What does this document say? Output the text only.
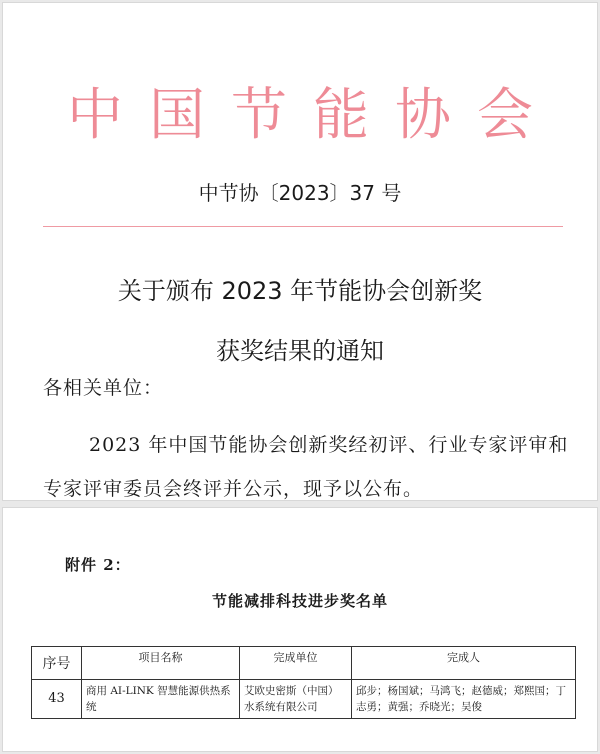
中国节能协会
中节协〔2023〕37 号
关于颁布 2023 年节能协会创新奖
获奖结果的通知
各相关单位：
2023 年中国节能协会创新奖经初评、行业专家评审和专家评审委员会终评并公示，现予以公布。
附件 2：
节能减排科技进步奖名单
序号	项目名称	完成单位	完成人
43	商用 AI-LINK 智慧能源供热系统	艾欧史密斯（中国）水系统有限公司	邱步；杨国斌；马鸿飞；赵德威；郑熙国；丁志勇；黄强；乔晓光；吴俊
